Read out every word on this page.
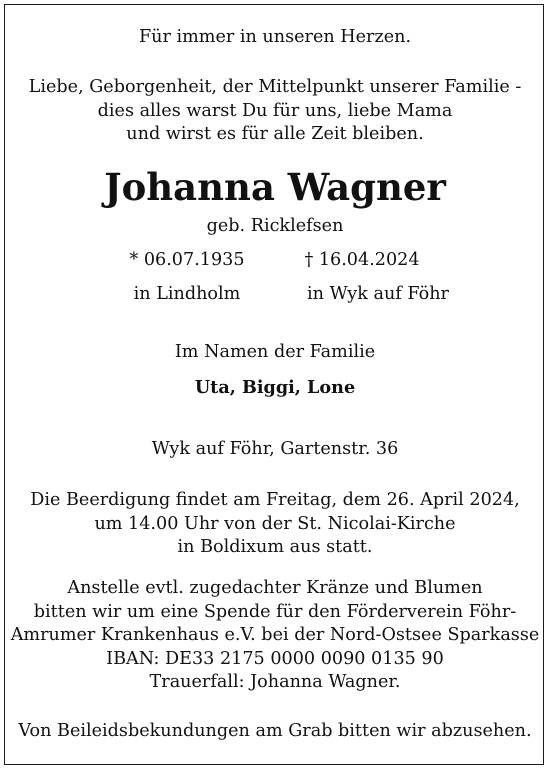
Für immer in unseren Herzen.
Liebe, Geborgenheit, der Mittelpunkt unserer Familie -
dies alles warst Du für uns, liebe Mama
und wirst es für alle Zeit bleiben.
Johanna Wagner
geb. Ricklefsen
* 06.07.1935	† 16.04.2024
in Lindholm	in Wyk auf Föhr
Im Namen der Familie
Uta, Biggi, Lone
Wyk auf Föhr, Gartenstr. 36
Die Beerdigung findet am Freitag, dem 26. April 2024,
um 14.00 Uhr von der St. Nicolai-Kirche
in Boldixum aus statt.
Anstelle evtl. zugedachter Kränze und Blumen
bitten wir um eine Spende für den Förderverein Föhr-
Amrumer Krankenhaus e.V. bei der Nord-Ostsee Sparkasse
IBAN: DE33 2175 0000 0090 0135 90
Trauerfall: Johanna Wagner.
Von Beileidsbekundungen am Grab bitten wir abzusehen.
